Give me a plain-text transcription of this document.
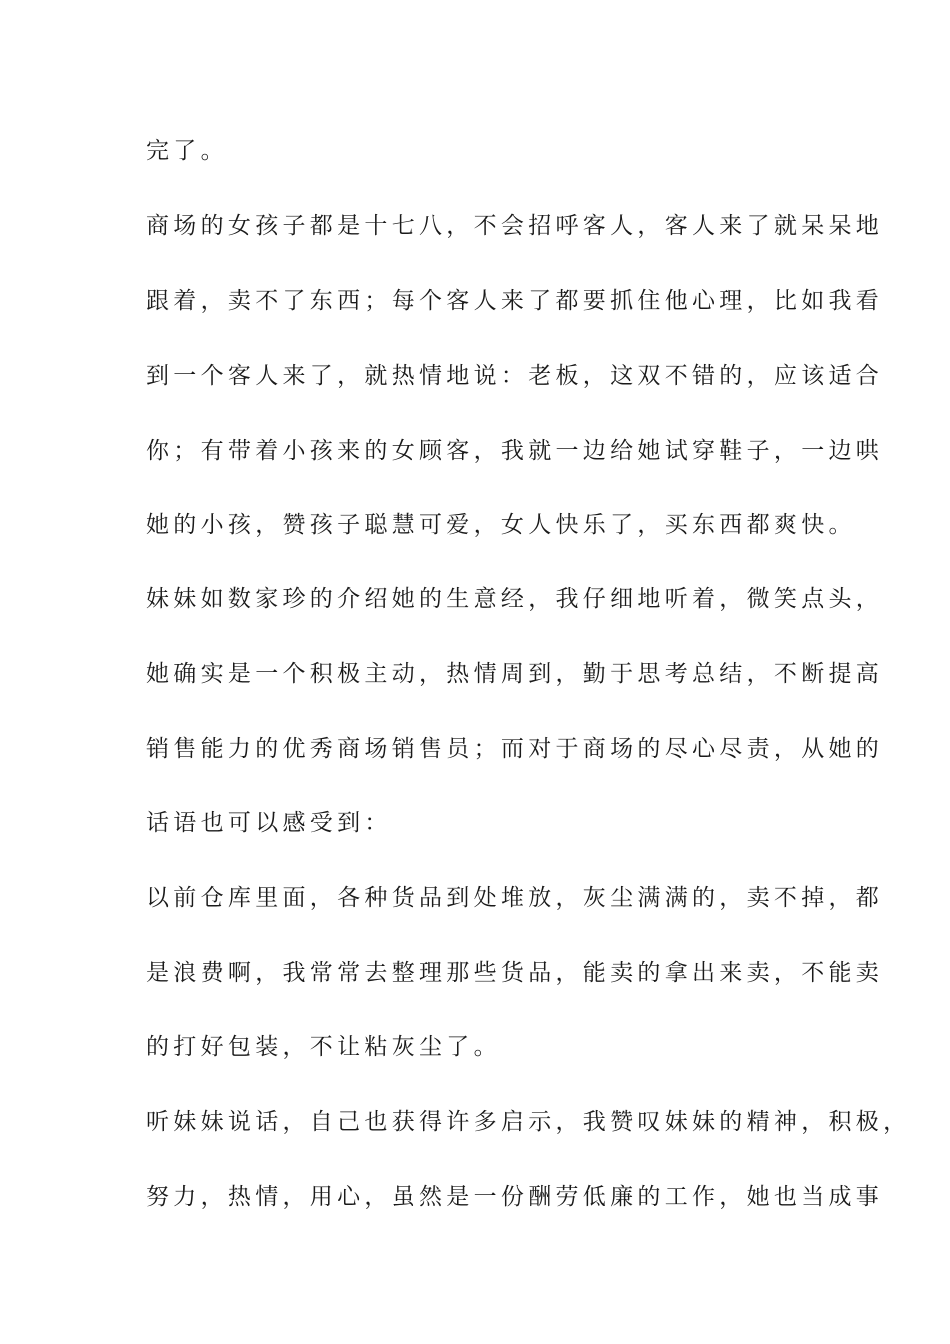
完了。
商场的女孩子都是十七八，不会招呼客人，客人来了就呆呆地
跟着，卖不了东西；每个客人来了都要抓住他心理，比如我看
到一个客人来了，就热情地说：老板，这双不错的，应该适合
你；有带着小孩来的女顾客，我就一边给她试穿鞋子，一边哄
她的小孩，赞孩子聪慧可爱，女人快乐了，买东西都爽快。
妹妹如数家珍的介绍她的生意经，我仔细地听着，微笑点头，
她确实是一个积极主动，热情周到，勤于思考总结，不断提高
销售能力的优秀商场销售员；而对于商场的尽心尽责，从她的
话语也可以感受到：
以前仓库里面，各种货品到处堆放，灰尘满满的，卖不掉，都
是浪费啊，我常常去整理那些货品，能卖的拿出来卖，不能卖
的打好包装，不让粘灰尘了。
听妹妹说话，自己也获得许多启示，我赞叹妹妹的精神，积极，
努力，热情，用心，虽然是一份酬劳低廉的工作，她也当成事
